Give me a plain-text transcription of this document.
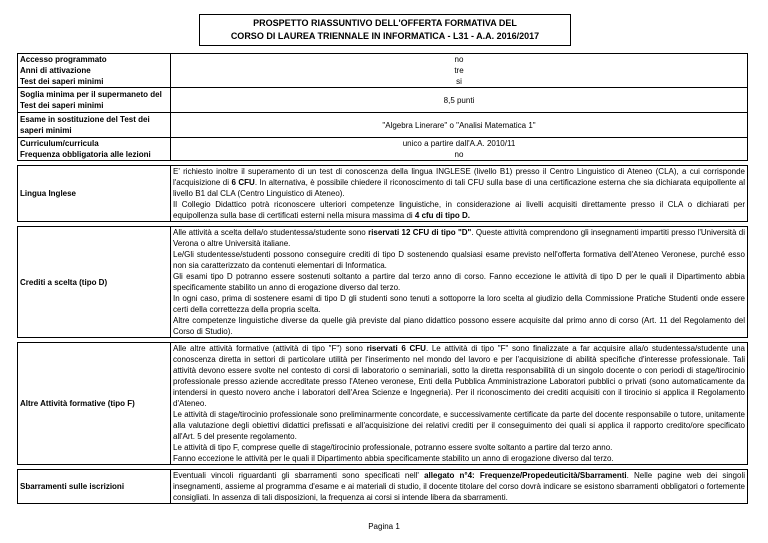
PROSPETTO RIASSUNTIVO DELL'OFFERTA FORMATIVA DEL
CORSO DI LAUREA TRIENNALE IN INFORMATICA - L31 - A.A. 2016/2017
Accesso programmato	no
Anni di attivazione	tre
Test dei saperi minimi	si
Soglia minima per il supermaneto del Test dei saperi minimi	8,5 punti
Esame in sostituzione del Test dei saperi minimi	"Algebra Linerare" o "Analisi Matematica 1"
Curriculum/curricula	unico a partire dall'A.A. 2010/11
Frequenza obbligatoria alle lezioni	no

Lingua Inglese	E' richiesto inoltre il superamento di un test di conoscenza della lingua INGLESE (livello B1) presso il Centro Linguistico di Ateneo (CLA), a cui corrisponde l'acquisizione di 6 CFU. In alternativa, è possibile chiedere il riconoscimento di tali CFU sulla base di una certificazione esterna che sia dichiarata equipollente al livello B1 dal CLA (Centro Linguistico di Ateneo).
Il Collegio Didattico potrà riconoscere ulteriori competenze linguistiche, in considerazione ai livelli acquisiti direttamente presso il CLA o dichiarati per equipollenza sulla base di certificati esterni nella misura massima di 4 cfu di tipo D.

Crediti a scelta (tipo D)	Alle attività a scelta della/o studentessa/studente sono riservati 12 CFU di tipo "D". Queste attività comprendono gli insegnamenti impartiti presso l'Università di Verona o altre Università italiane.
Le/Gli studentesse/studenti possono conseguire crediti di tipo D sostenendo qualsiasi esame previsto nell'offerta formativa dell'Ateneo Veronese, purché esso non sia caratterizzato da contenuti elementari di Informatica.
Gli esami tipo D potranno essere sostenuti soltanto a partire dal terzo anno di corso. Fanno eccezione le attività di tipo D per le quali il Dipartimento abbia specificamente stabilito un anno di erogazione diverso dal terzo.
In ogni caso, prima di sostenere esami di tipo D gli studenti sono tenuti a sottoporre la loro scelta al giudizio della Commissione Pratiche Studenti onde essere certi della correttezza della propria scelta.
Altre competenze linguistiche diverse da quelle già previste dal piano didattico possono essere acquisite dal primo anno di corso (Art. 11 del Regolamento del Corso di Studio).

Altre Attività formative (tipo F)	Alle altre attività formative (attività di tipo "F") sono riservati 6 CFU. Le attività di tipo "F" sono finalizzate a far acquisire alla/o studentessa/studente una conoscenza diretta in settori di particolare utilità per l'inserimento nel mondo del lavoro e per l'acquisizione di abilità specifiche d'interesse professionale. Tali attività devono essere svolte nel contesto di corsi di laboratorio o seminariali, sotto la diretta responsabilità di un singolo docente o con periodi di stage/tirocinio professionale presso aziende accreditate presso l'Ateneo veronese, Enti della Pubblica Amministrazione Laboratori pubblici o privati (sono automaticamente da intendersi in questo novero anche i laboratori dell'Area Scienze e Ingegneria). Per il riconoscimento dei crediti acquisiti con il tirocinio si applica il Regolamento d'Ateneo.
Le attività di stage/tirocinio professionale sono preliminarmente concordate, e successivamente certificate da parte del docente responsabile o tutore, unitamente alla valutazione degli obiettivi didattici prefissati e all'acquisizione dei relativi crediti per il conseguimento dei quali si applica il rapporto credito/ore specificato all'Art. 5 del presente regolamento.
Le attività di tipo F, comprese quelle di stage/tirocinio professionale, potranno essere svolte soltanto a partire dal terzo anno.
Fanno eccezione le attività per le quali il Dipartimento abbia specificamente stabilito un anno di erogazione diverso dal terzo.

Sbarramenti sulle iscrizioni	Eventuali vincoli riguardanti gli sbarramenti sono specificati nell' allegato n°4: Frequenze/Propedeuticità/Sbarramenti. Nelle pagine web dei singoli insegnamenti, assieme al programma d'esame e ai materiali di studio, il docente titolare del corso dovrà indicare se esistono sbarramenti obbligatori o fortemente consigliati. In assenza di tali disposizioni, la frequenza ai corsi si intende libera da sbarramenti.
Pagina 1
